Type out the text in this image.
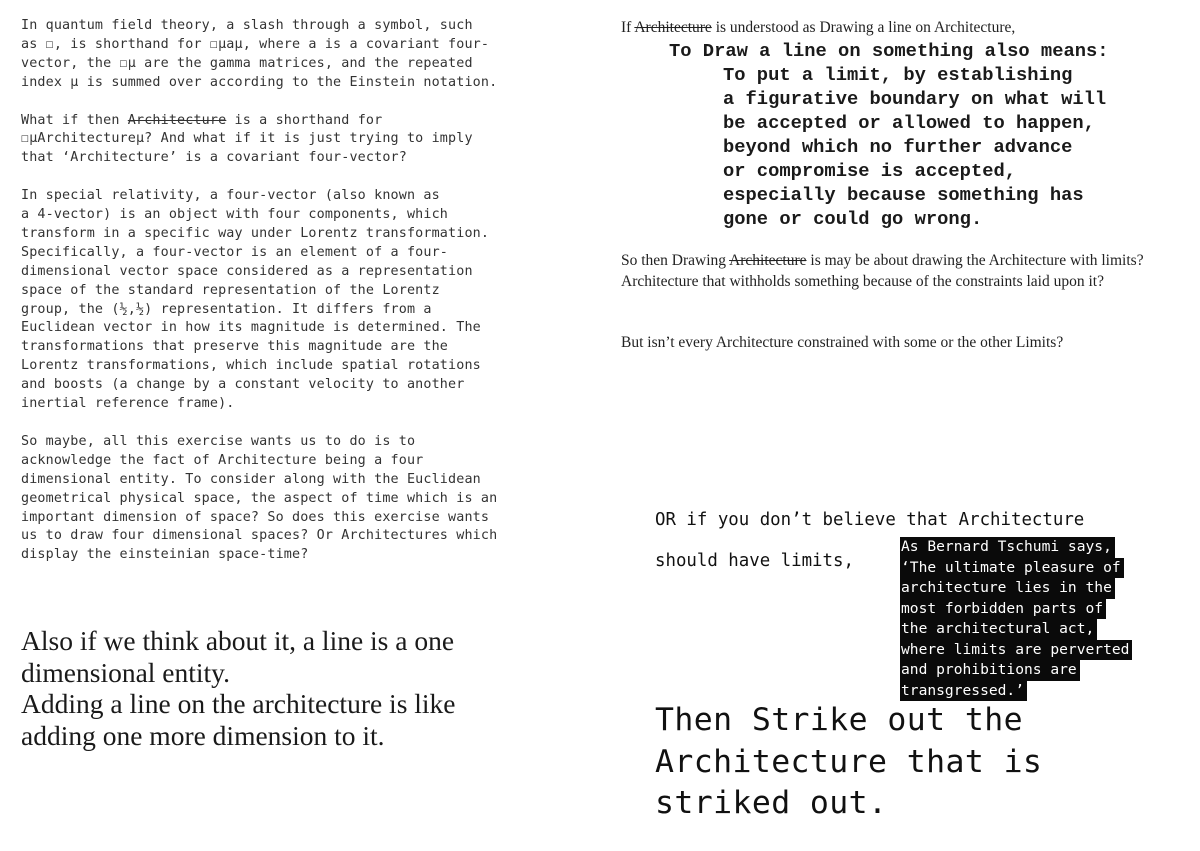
In quantum field theory, a slash through a symbol, such
as ☐, is shorthand for ☐μaμ, where a is a covariant four-
vector, the ☐μ are the gamma matrices, and the repeated
index μ is summed over according to the Einstein notation.
What if then Architecture is a shorthand for
☐μArchitectureμ? And what if it is just trying to imply
that ‘Architecture’ is a covariant four-vector?
In special relativity, a four-vector (also known as
a 4-vector) is an object with four components, which
transform in a specific way under Lorentz transformation.
Specifically, a four-vector is an element of a four-
dimensional vector space considered as a representation
space of the standard representation of the Lorentz
group, the (½,½) representation. It differs from a
Euclidean vector in how its magnitude is determined. The
transformations that preserve this magnitude are the
Lorentz transformations, which include spatial rotations
and boosts (a change by a constant velocity to another
inertial reference frame).
So maybe, all this exercise wants us to do is to
acknowledge the fact of Architecture being a four
dimensional entity. To consider along with the Euclidean
geometrical physical space, the aspect of time which is an
important dimension of space? So does this exercise wants
us to draw four dimensional spaces? Or Architectures which
display the einsteinian space-time?
Also if we think about it, a line is a one
dimensional entity.
Adding a line on the architecture is like
adding one more dimension to it.
If Architecture is understood as Drawing a line on Architecture,
To Draw a line on something also means:
To put a limit, by establishing
a figurative boundary on what will
be accepted or allowed to happen,
beyond which no further advance
or compromise is accepted,
especially because something has
gone or could go wrong.
So then Drawing Architecture is may be about drawing the Architecture with limits? Architecture that withholds something because of the constraints laid upon it?
But isn’t every Architecture constrained with some or the other Limits?
OR if you don’t believe that Architecture
should have limits,
As Bernard Tschumi says,
‘The ultimate pleasure of
architecture lies in the
most forbidden parts of
the architectural act,
where limits are perverted
and prohibitions are
transgressed.’
Then Strike out the
Architecture that is
striked out.
